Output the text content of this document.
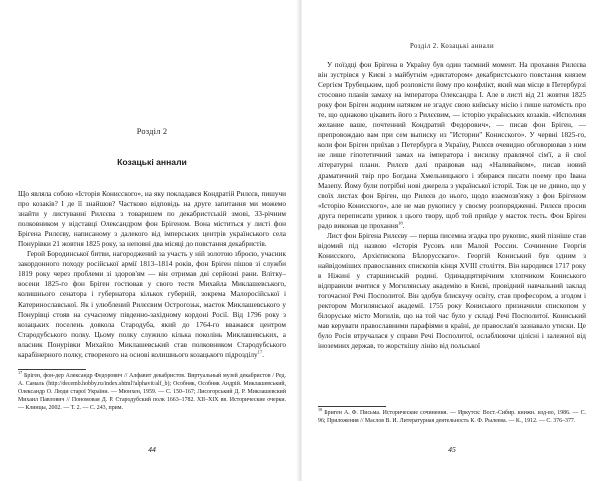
Розділ 2
Козацькі аннали

Що являла собою «Історія Конисского», на яку покладався Кондратій Рилєєв, пишучи про козаків? І де її знайшов? Частково відповідь на друге запитання ми можемо знайти у листуванні Рилєєва з товаришем по декабристській змові, 33-річним полковником у відставці Олександром фон Брігеном. Вона міститься у листі фон Брігена Рилєєву, написаному з далекого від імперських центрів українського села Понурівки 21 жовтня 1825 року, за неповні два місяці до повстання декабристів.

Герой Бородинської битви, нагороджений за участь у ній золотою зброєю, учасник закордонного походу російської армії 1813–1814 років, фон Бріген пішов зі служби 1819 року через проблеми зі здоров'ям — він отримав дві серйозні рани. Влітку–восени 1825-го фон Бріген гостював у свого тестя Михайла Миклашевського, колишнього сенатора і губернатора кількох губерній, зокрема Малоросійської і Катеринославської. Як і улюблений Рилєєвим Острогозьк, маєток Миклашевського у Понурівці стояв на сучасному південно-західному кордоні Росії. Від 1796 року з козацьких поселень довкола Стародуба, який до 1764-го вважався центром Стародубського полку. Цьому полку служило кілька поколінь Миклашевських, а власник Понурівки Михайло Миклашевський став полковником Стародубського карабінерного полку, створеного на основі колишнього козацького підрозділу$^{17}$.

$^{17}$ Бріген, фон-дер Александр Федорович // Алфавит декабристов. Виртуальный музей декабристов / Ред. А. Самаль (http://decemb.hobby.ru/index.shtml?alphavit/alf_b); Особняк, Особняк Андрій. Миклашевський, Олександр О. Люди старої України. — Мюнхен, 1959. — С. 150–167; Лисогорський Д. Р. Миклашевский Михаил Павлович // Пономовая Д. Р. Стародубский полк 1663–1782. XII–XIX вв. Исторические очерки. — Клинцы, 2002. — Т. 2. — С. 243, прим.
44
Розділ 2. Козацькі аннали

У поїздці фон Брігена в Україну був один таємний момент. На прохання Рилєєва він зустрівся у Києві з майбутнім «диктатором» декабристського повстання князем Сергієм Трубецьким, щоб розповісти йому про конфлікт, який мав місце в Петербурзі стосовно планів замаху на імператора Олександра І. Але в листі від 21 жовтня 1825 року фон Бріген жодним натяком не згадує свою київську місію і пише натомість про те, що однаково цікавить його з Рилєєвим, — історію українських козаків. «Исполняя желание ваше, почтенний Кондратий Федорович», — писав фон Бріген, — препровождаю вам при сем выписку из "Истории" Конисского». У червні 1825-го, коли фон Бріген приїхав з Петербурга в Україну, Рилєєв очевидно обговорював з ним не лише гіпотетичний замах на імператора і висилку правлячої сім'ї, а й свої літературні плани. Рилєєв далі працював над «Наливайком», писав новий драматичний твір про Богдана Хмельницького і збирався писати поему про Івана Мазепу. Йому були потрібні нові джерела з української історії. Тож це не дивно, що у своїх листах фон Бріген, що Рилєєв до нього, щодо взаємозв'язку з фон Брігеном «Історію Конисского», але не мав рукопису у своєму розпорядженні. Рилєєв просив друга переписати уривок з цього твору, щоб той прийде у масток тесть. Фон Бріген радо виконав це прохання$^{18}$.

Лист фон Брігена Рилєєву — перша писемна згадка про рукопис, який пізніше став відомий під назвою «Історія Русовъ или Малой России. Сочинение Георгія Конисского, Архієпископа Бѣлорусскаго». Георгій Кониський був одним з найвідоміших православних єпископів кінця XVIII століття. Він народився 1717 року в Ніжині у старшинській родині. Одинадцятирічним хлопчиком Кониського відправили вчитися у Могилянську академію в Києві, провідний навчальний заклад тогочасної Речі Посполитої. Він здобув блискучу освіту, став професором, а згодом і ректором Могилянської академії. 1755 року Кониського призначили єпископом у білоруське місто Могилів, що на той час було у складі Речі Посполитої. Кониський мав керувати православними парафіями в країні, де православ'я зазнавало утиски. Це було Росія втручалася у справи Речі Посполитої, ослаблюючи цілісні і залежної від іноземних держав, то жорсткішу лінію від польської

$^{18}$ Бриген А. Ф. Письма. Исторические сочинения. — Иркутск: Вост.-Сибир. книжн. изд-во, 1986. — С. 96; Приложения // Маслов В. И. Литературная деятельность К. Ф. Рылеева. — К., 1912. — С. 376–377.
45
